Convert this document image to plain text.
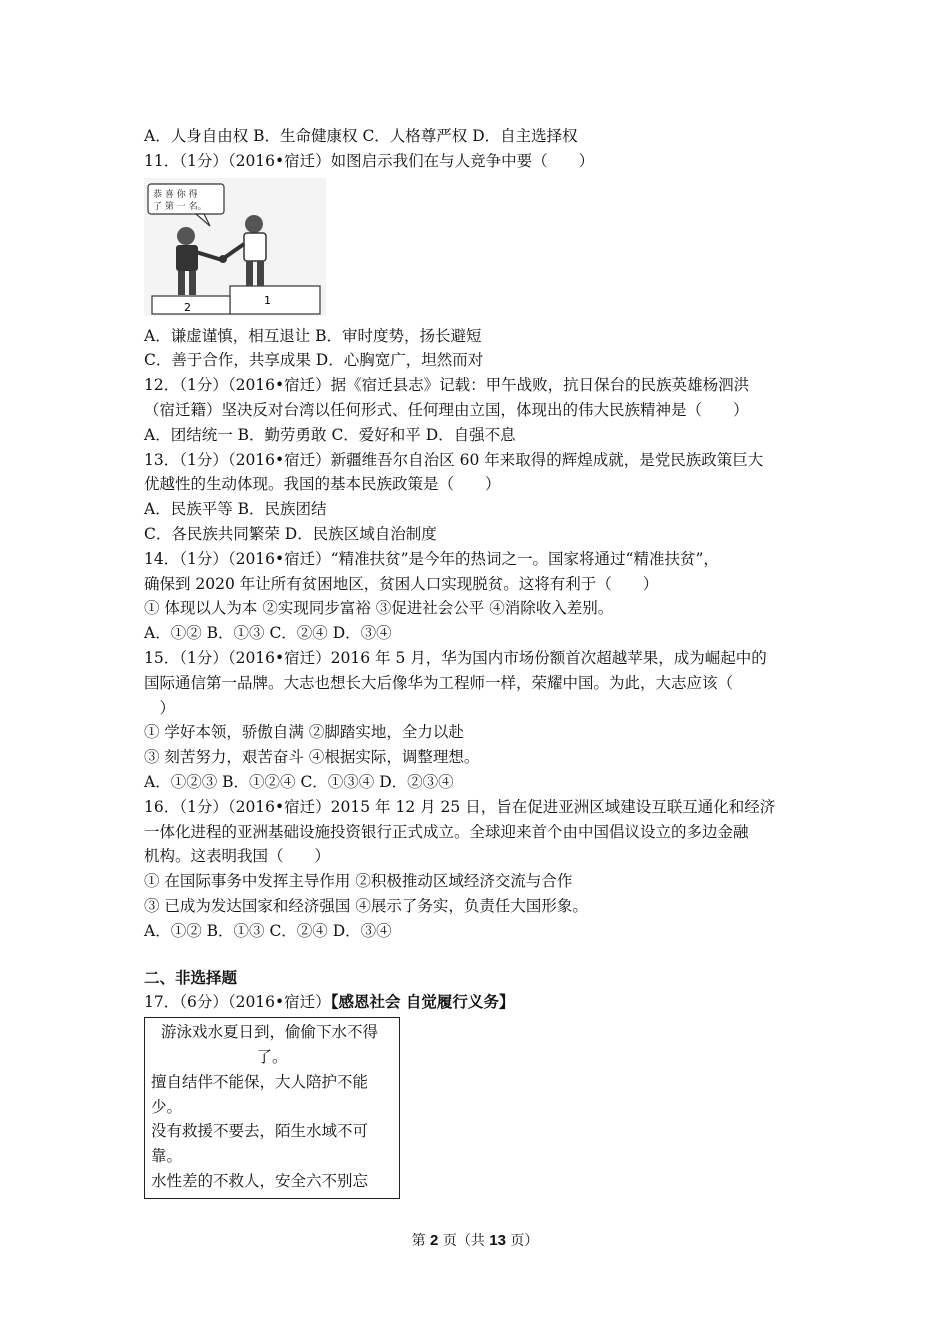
A．人身自由权 B．生命健康权 C．人格尊严权 D．自主选择权
11．（1分）（2016•宿迁）如图启示我们在与人竞争中要（　　）
恭 喜 你 得
了 第 一 名。
1
2
A．谦虚谨慎，相互退让 B．审时度势，扬长避短
C．善于合作，共享成果 D．心胸宽广，坦然而对
12．（1分）（2016•宿迁）据《宿迁县志》记载：甲午战败，抗日保台的民族英雄杨泗洪
（宿迁籍）坚决反对台湾以任何形式、任何理由立国，体现出的伟大民族精神是（　　）
A．团结统一 B．勤劳勇敢 C．爱好和平 D．自强不息
13．（1分）（2016•宿迁）新疆维吾尔自治区 60 年来取得的辉煌成就，是党民族政策巨大
优越性的生动体现。我国的基本民族政策是（　　）
A．民族平等 B．民族团结
C．各民族共同繁荣 D．民族区域自治制度
14．（1分）（2016•宿迁）“精准扶贫”是今年的热词之一。国家将通过“精准扶贫”，
确保到 2020 年让所有贫困地区，贫困人口实现脱贫。这将有利于（　　）
① 体现以人为本 ②实现同步富裕 ③促进社会公平 ④消除收入差别。
A．①② B．①③ C．②④ D．③④
15．（1分）（2016•宿迁）2016 年 5 月，华为国内市场份额首次超越苹果，成为崛起中的
国际通信第一品牌。大志也想长大后像华为工程师一样，荣耀中国。为此，大志应该（
　）
① 学好本领，骄傲自满 ②脚踏实地，全力以赴
③ 刻苦努力，艰苦奋斗 ④根据实际，调整理想。
A．①②③ B．①②④ C．①③④ D．②③④
16．（1分）（2016•宿迁）2015 年 12 月 25 日，旨在促进亚洲区域建设互联互通化和经济
一体化进程的亚洲基础设施投资银行正式成立。全球迎来首个由中国倡议设立的多边金融
机构。这表明我国（　　）
① 在国际事务中发挥主导作用 ②积极推动区域经济交流与合作
③ 已成为发达国家和经济强国 ④展示了务实，负责任大国形象。
A．①② B．①③ C．②④ D．③④
二、非选择题
17．（6分）（2016•宿迁）【感恩社会 自觉履行义务】
游泳戏水夏日到，偷偷下水不得
了。
擅自结伴不能保，大人陪护不能
少。
没有救援不要去，陌生水域不可
靠。
水性差的不救人，安全六不别忘
第 2 页（共 13 页）
